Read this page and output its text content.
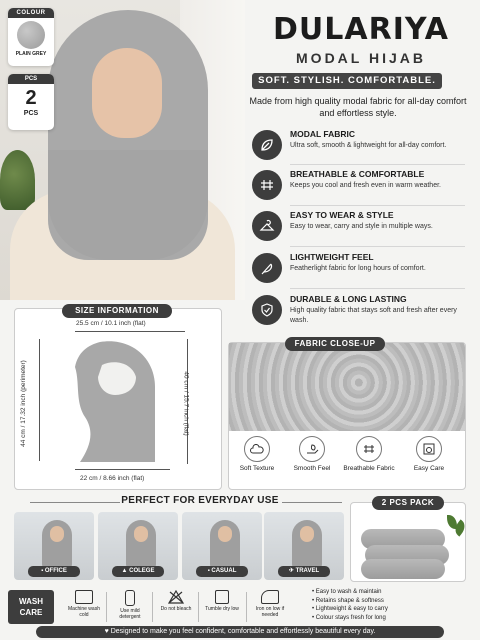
COLOUR
PLAIN GREY
PCS
2
PCS
DULARIYA
MODAL HIJAB
SOFT. STYLISH. COMFORTABLE.
Made from high quality modal fabric for all-day comfort and effortless style.
MODAL FABRIC
Ultra soft, smooth & lightweight for all-day comfort.
BREATHABLE & COMFORTABLE
Keeps you cool and fresh even in warm weather.
EASY TO WEAR & STYLE
Easy to wear, carry and style in multiple ways.
LIGHTWEIGHT FEEL
Featherlight fabric for long hours of comfort.
DURABLE & LONG LASTING
High quality fabric that stays soft and fresh after every wash.
SIZE INFORMATION
25.5 cm / 10.1 inch (flat)
44 cm / 17.32 inch (perimeter)	40 cm / 15.7 inch (flat)
22 cm / 8.66 inch (flat)
FABRIC CLOSE-UP
Soft Texture	Smooth Feel	Breathable Fabric	Easy Care
PERFECT FOR EVERYDAY USE
▪ OFFICE	▲ COLEGE	▪ CASUAL	✈ TRAVEL
2 PCS PACK
WASH
CARE	Machine wash cold
Use mild detergent
Do not bleach	Tumble dry low	Iron on low if needed
• Easy to wash & maintain
• Retains shape & softness
• Lightweight & easy to carry
• Colour stays fresh for long
♥ Designed to make you feel confident, comfortable and effortlessly beautiful every day.
